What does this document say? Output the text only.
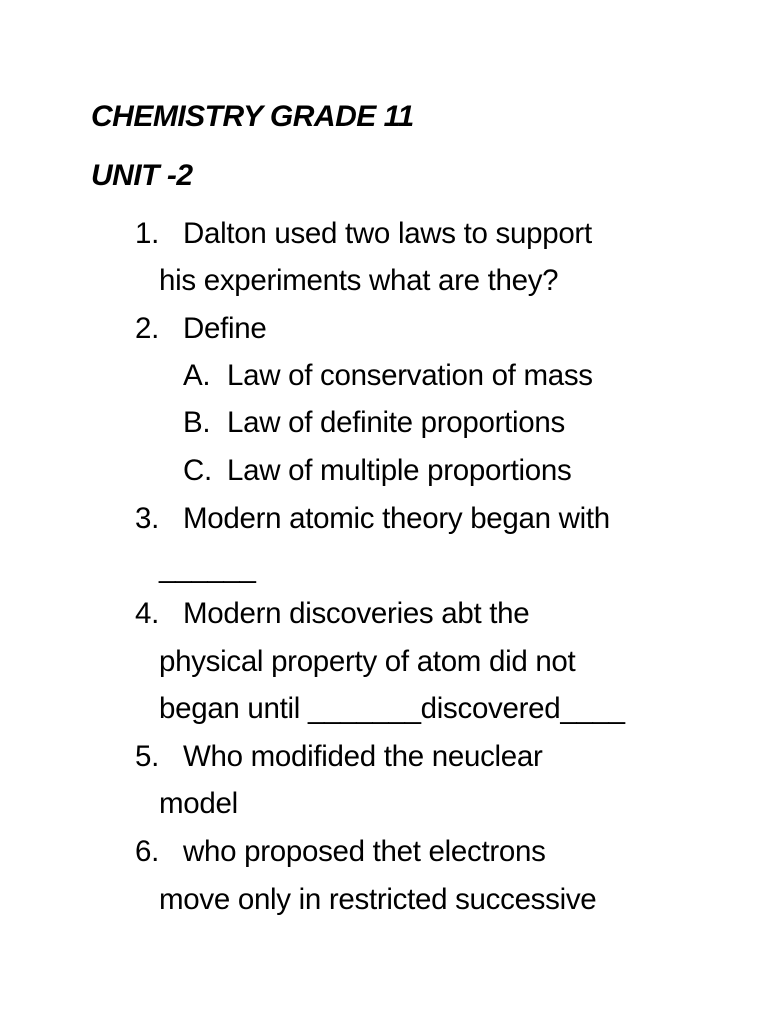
CHEMISTRY GRADE 11
UNIT -2
1. Dalton used two laws to support
his experiments what are they?
2. Define
A. Law of conservation of mass
B. Law of definite proportions
C. Law of multiple proportions
3. Modern atomic theory began with
______
4. Modern discoveries abt the
physical property of atom did not
began until _______discovered____
5. Who modifided the neuclear
model
6. who proposed thet electrons
move only in restricted successive
